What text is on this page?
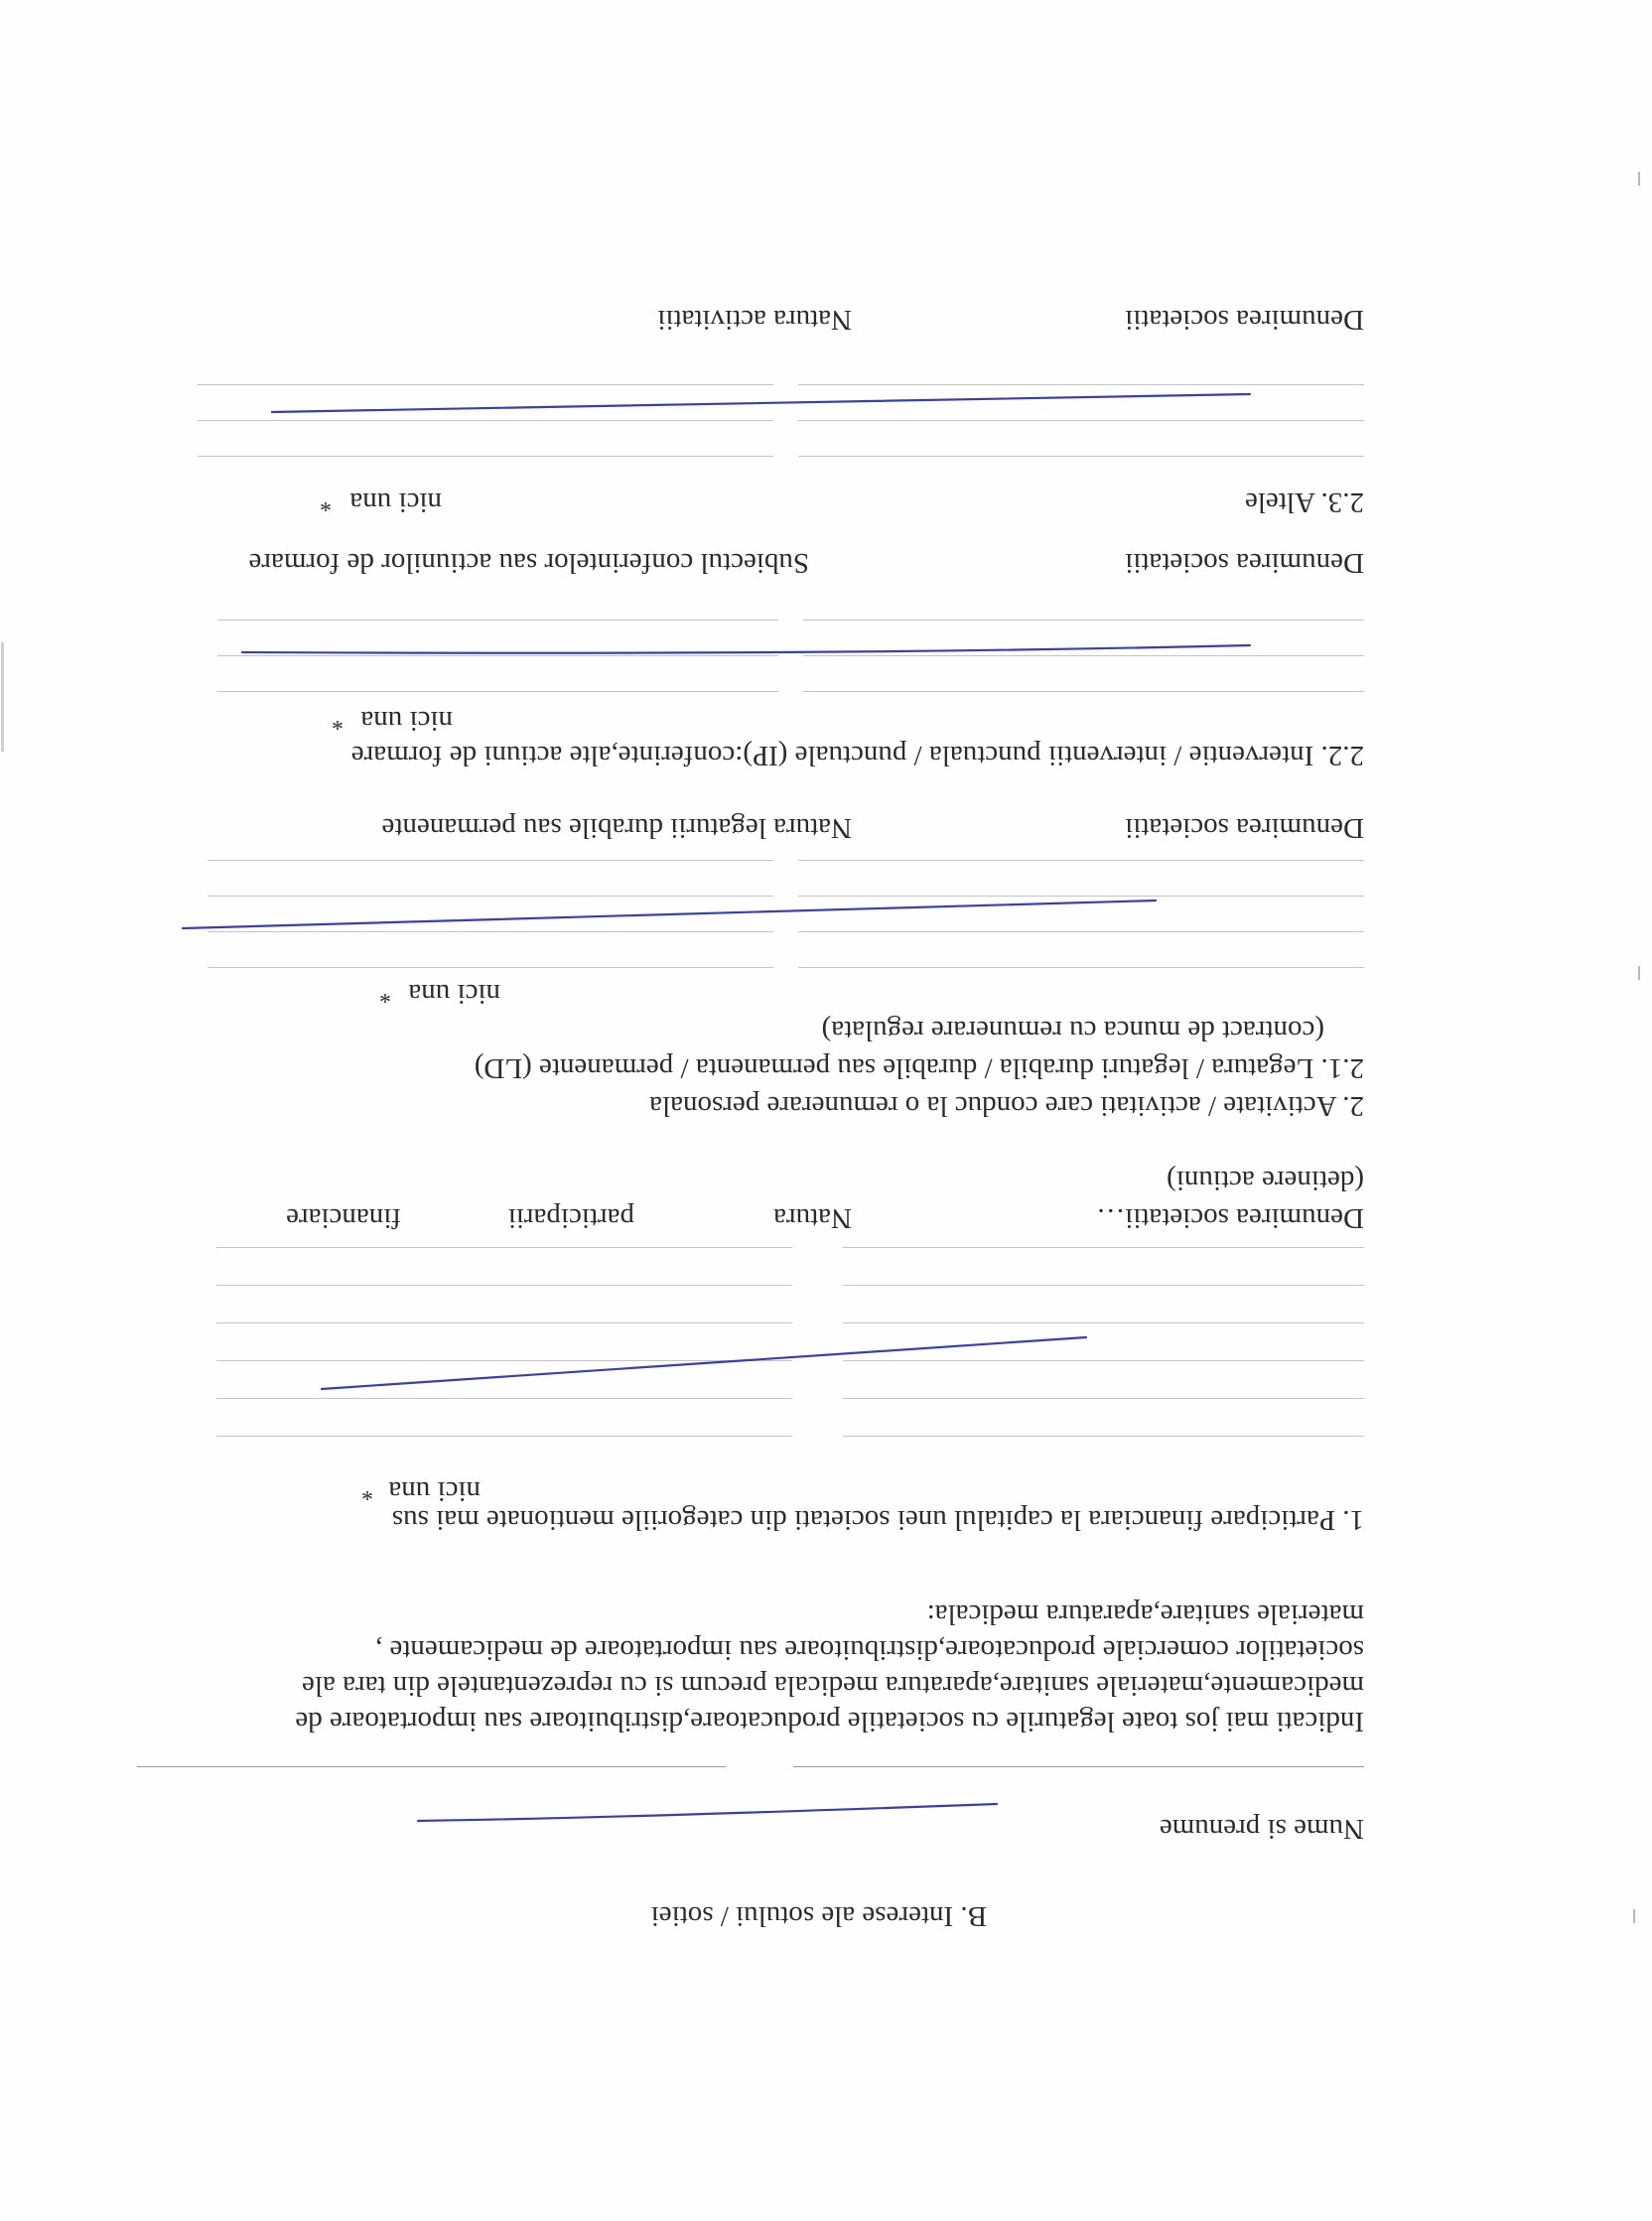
B. Interese ale sotului / sotiei
Nume si prenume
Indicati mai jos toate legaturile cu societatile producatoare,distribuitoare sau importatoare de
medicamente,materiale sanitare,aparatura medicala precum si cu reprezentantele din tara ale
societatilor comerciale producatoare,distribuitoare sau importatoare de medicamente ,
materiale sanitare,aparatura medicala:
1. Participare financiara la capitalul unei societati din categoriile mentionate mai sus
nici una
*
Denumirea societatii…
Natura
participarii
financiare
(detinere actiuni)
2. Activitate / activitati care conduc la o remunerare personala
2.1. Legatura / legaturi durabila / durabile sau permanenta / permanente (LD)
(contract de munca cu remunerare regulata)
nici una
*
Denumirea societatii
Natura legaturii durabile sau permanente
2.2. Interventie / interventii punctuala / punctuale (IP):conferinte,alte actiuni de formare
nici una
*
Denumirea societatii
Subiectul conferintelor sau actiunilor de formare
2.3. Altele
nici una
*
Denumirea societatii
Natura activitatii
